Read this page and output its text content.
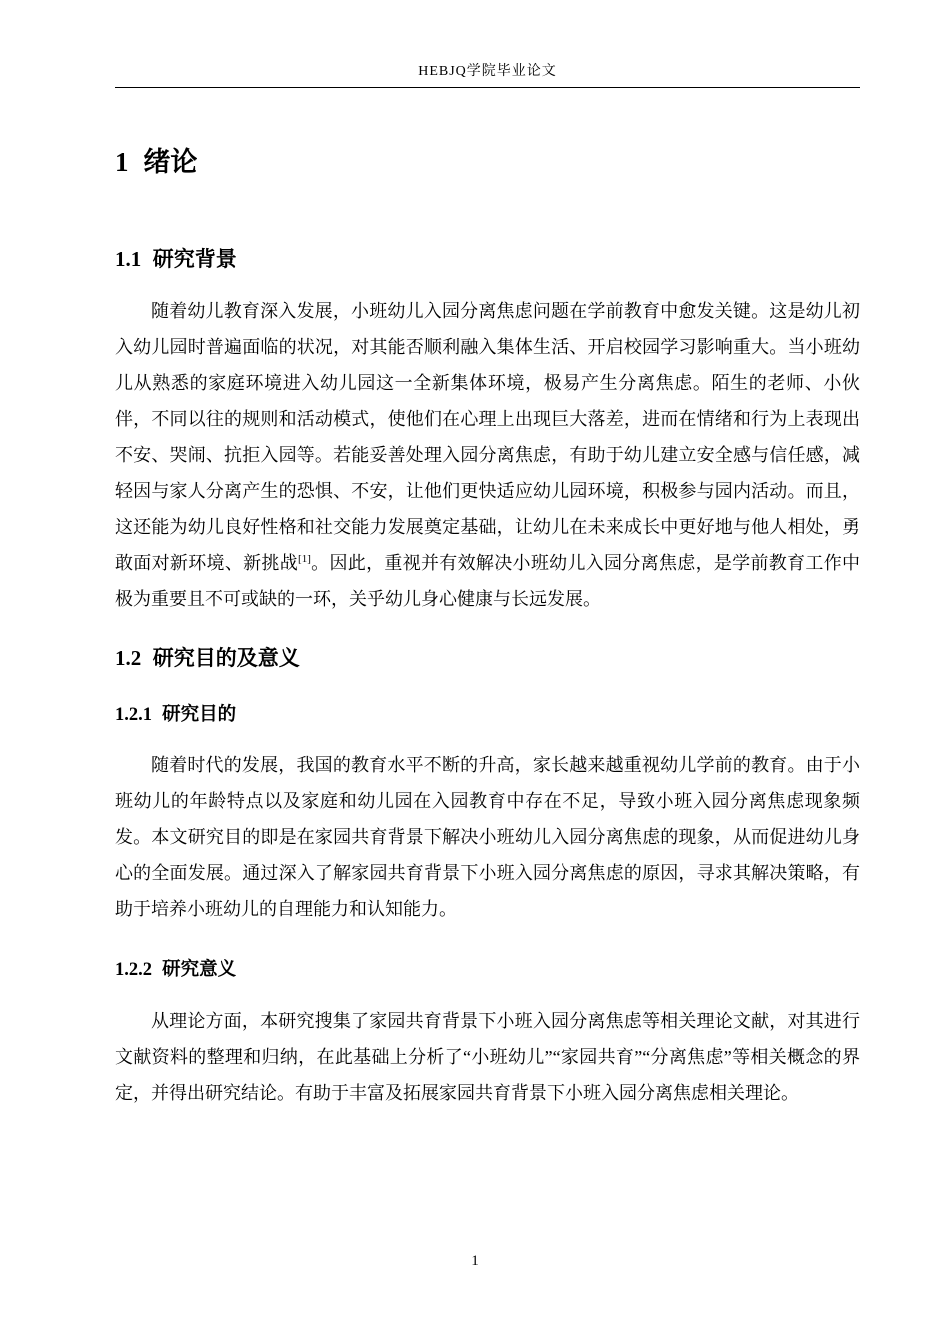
HEBJQ学院毕业论文
1 绪论
1.1 研究背景

随着幼儿教育深入发展，小班幼儿入园分离焦虑问题在学前教育中愈发关键。这是幼儿初入幼儿园时普遍面临的状况，对其能否顺利融入集体生活、开启校园学习影响重大。当小班幼儿从熟悉的家庭环境进入幼儿园这一全新集体环境，极易产生分离焦虑。陌生的老师、小伙伴，不同以往的规则和活动模式，使他们在心理上出现巨大落差，进而在情绪和行为上表现出不安、哭闹、抗拒入园等。若能妥善处理入园分离焦虑，有助于幼儿建立安全感与信任感，减轻因与家人分离产生的恐惧、不安，让他们更快适应幼儿园环境，积极参与园内活动。而且，这还能为幼儿良好性格和社交能力发展奠定基础，让幼儿在未来成长中更好地与他人相处，勇敢面对新环境、新挑战[1]。因此，重视并有效解决小班幼儿入园分离焦虑，是学前教育工作中极为重要且不可或缺的一环，关乎幼儿身心健康与长远发展。

1.2 研究目的及意义
1.2.1 研究目的

随着时代的发展，我国的教育水平不断的升高，家长越来越重视幼儿学前的教育。由于小班幼儿的年龄特点以及家庭和幼儿园在入园教育中存在不足，导致小班入园分离焦虑现象频发。本文研究目的即是在家园共育背景下解决小班幼儿入园分离焦虑的现象，从而促进幼儿身心的全面发展。通过深入了解家园共育背景下小班入园分离焦虑的原因，寻求其解决策略，有助于培养小班幼儿的自理能力和认知能力。

1.2.2 研究意义

从理论方面，本研究搜集了家园共育背景下小班入园分离焦虑等相关理论文献，对其进行文献资料的整理和归纳，在此基础上分析了“小班幼儿”“家园共育”“分离焦虑”等相关概念的界定，并得出研究结论。有助于丰富及拓展家园共育背景下小班入园分离焦虑相关理论。

1
